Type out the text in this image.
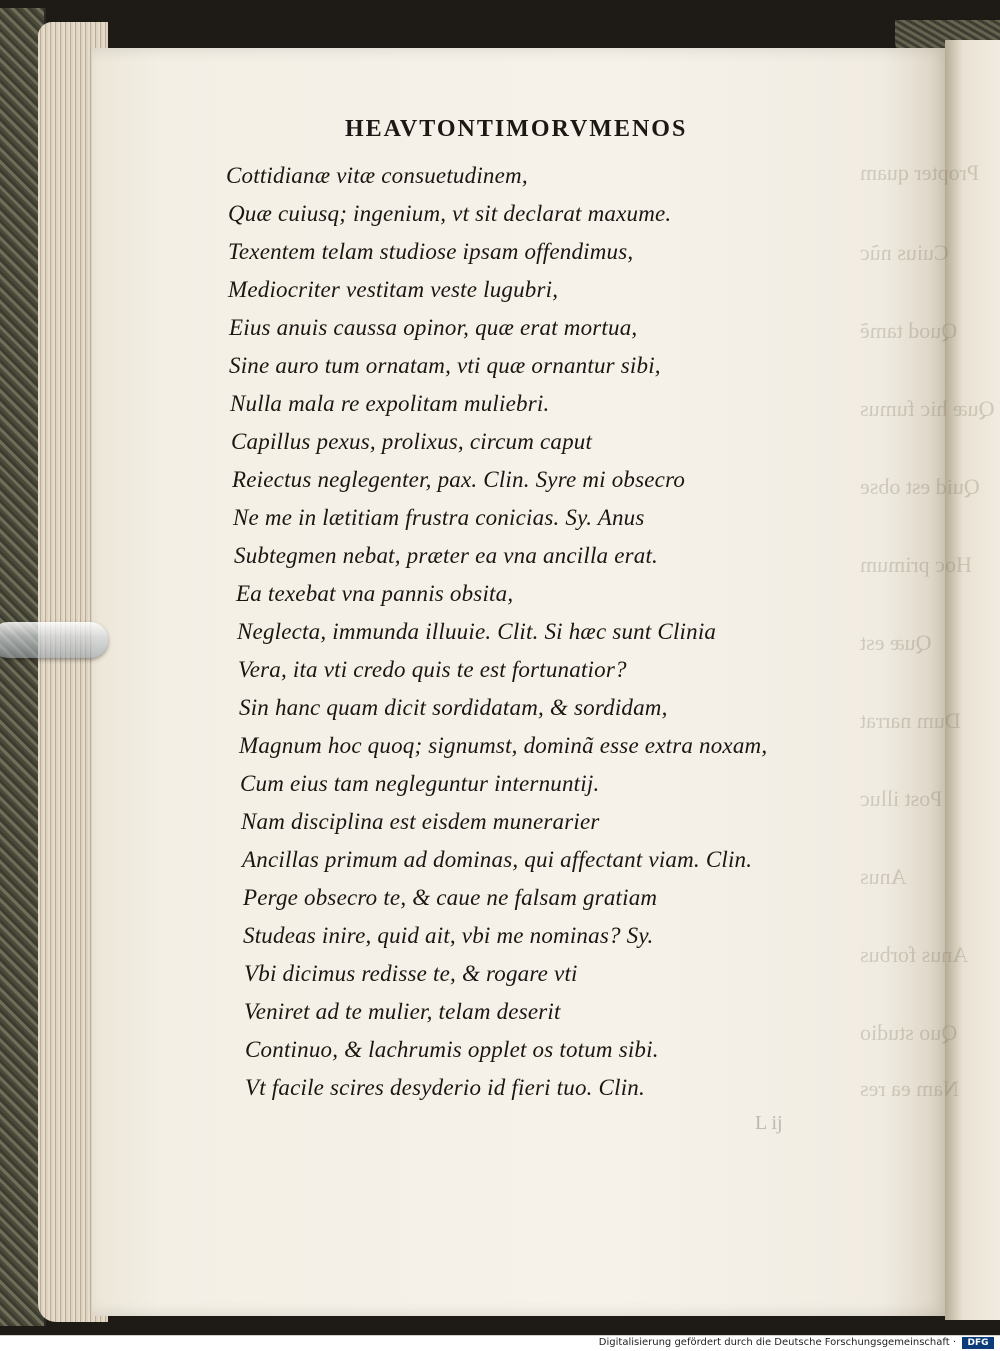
Propter quam
Cuius nũc
Quod tamẽ
Quæ hic fumus
Quid est obse
Hoc primum
Quæ est
Dum narrat
Post illuc
Anus
Anus forbus
Quo studio
Nam ea res
HEAVTONTIMORVMENOS
Cottidianæ vitæ consuetudinem,
Quæ cuiusq; ingenium, vt sit declarat maxume.
Texentem telam studiose ipsam offendimus,
Mediocriter vestitam veste lugubri,
Eius anuis caussa opinor, quæ erat mortua,
Sine auro tum ornatam, vti quæ ornantur sibi,
Nulla mala re expolitam muliebri.
Capillus pexus, prolixus, circum caput
Reiectus neglegenter, pax. Clin. Syre mi obsecro
Ne me in lætitiam frustra conicias. Sy. Anus
Subtegmen nebat, præter ea vna ancilla erat.
Ea texebat vna pannis obsita,
Neglecta, immunda illuuie. Clit. Si hæc sunt Clinia
Vera, ita vti credo quis te est fortunatior?
Sin hanc quam dicit sordidatam, & sordidam,
Magnum hoc quoq; signumst, dominã esse extra noxam,
Cum eius tam negleguntur internuntij.
Nam disciplina est eisdem munerarier
Ancillas primum ad dominas, qui affectant viam. Clin.
Perge obsecro te, & caue ne falsam gratiam
Studeas inire, quid ait, vbi me nominas? Sy.
Vbi dicimus redisse te, & rogare vti
Veniret ad te mulier, telam deserit
Continuo, & lachrumis opplet os totum sibi.
Vt facile scires desyderio id fieri tuo. Clin.
L ij
Digitalisierung gefördert durch die Deutsche Forschungsgemeinschaft ·	DFG
